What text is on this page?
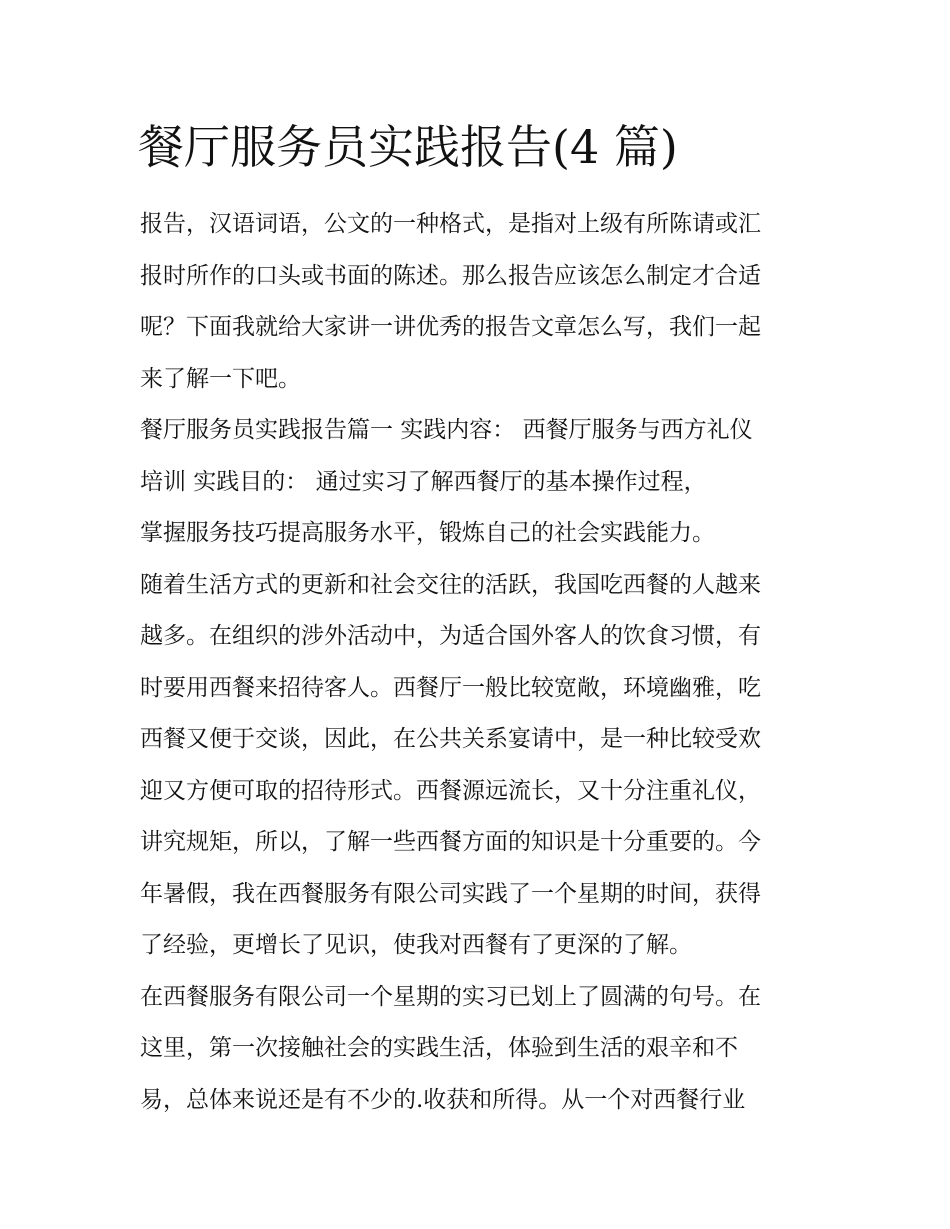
餐厅服务员实践报告(4 篇)

报告，汉语词语，公文的一种格式，是指对上级有所陈请或汇

报时所作的口头或书面的陈述。那么报告应该怎么制定才合适

呢？下面我就给大家讲一讲优秀的报告文章怎么写，我们一起

来了解一下吧。

餐厅服务员实践报告篇一 实践内容： 西餐厅服务与西方礼仪

培训 实践目的： 通过实习了解西餐厅的基本操作过程，

掌握服务技巧提高服务水平，锻炼自己的社会实践能力。

随着生活方式的更新和社会交往的活跃，我国吃西餐的人越来

越多。在组织的涉外活动中，为适合国外客人的饮食习惯，有

时要用西餐来招待客人。西餐厅一般比较宽敞，环境幽雅，吃

西餐又便于交谈，因此，在公共关系宴请中，是一种比较受欢

迎又方便可取的招待形式。西餐源远流长，又十分注重礼仪，

讲究规矩，所以，了解一些西餐方面的知识是十分重要的。今

年暑假，我在西餐服务有限公司实践了一个星期的时间，获得

了经验，更增长了见识，使我对西餐有了更深的了解。

在西餐服务有限公司一个星期的实习已划上了圆满的句号。在

这里，第一次接触社会的实践生活，体验到生活的艰辛和不

易，总体来说还是有不少的.收获和所得。从一个对西餐行业
